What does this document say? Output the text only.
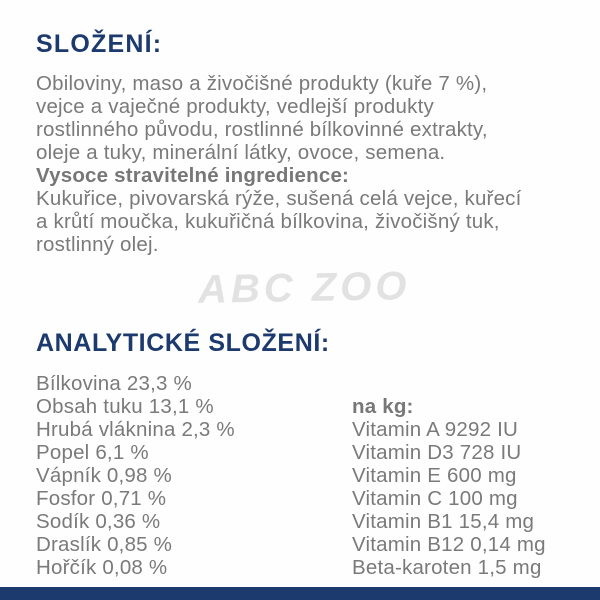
SLOŽENÍ:
Obiloviny, maso a živočišné produkty (kuře 7 %),
vejce a vaječné produkty, vedlejší produkty
rostlinného původu, rostlinné bílkovinné extrakty,
oleje a tuky, minerální látky, ovoce, semena.
Vysoce stravitelné ingredience:
Kukuřice, pivovarská rýže, sušená celá vejce, kuřecí
a krůtí moučka, kukuřičná bílkovina, živočišný tuk,
rostlinný olej.
ABC ZOO
ANALYTICKÉ SLOŽENÍ:
Bílkovina 23,3 %
Obsah tuku 13,1 %
Hrubá vláknina 2,3 %
Popel 6,1 %
Vápník 0,98 %
Fosfor 0,71 %
Sodík 0,36 %
Draslík 0,85 %
Hořčík 0,08 %
na kg:
Vitamin A 9292 IU
Vitamin D3 728 IU
Vitamin E 600 mg
Vitamin C 100 mg
Vitamin B1 15,4 mg
Vitamin B12 0,14 mg
Beta-karoten 1,5 mg
